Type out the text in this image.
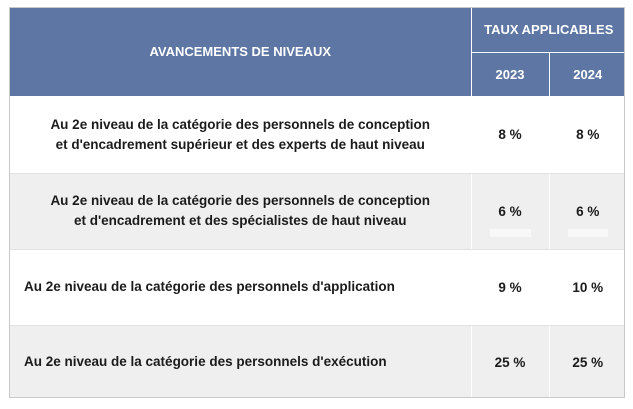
AVANCEMENTS DE NIVEAUX	TAUX APPLICABLES	
	2023	2024
Au 2e niveau de la catégorie des personnels de conception
et d'encadrement supérieur et des experts de haut niveau	8 %	8 %
Au 2e niveau de la catégorie des personnels de conception
et d'encadrement et des spécialistes de haut niveau	6 %	6 %
Au 2e niveau de la catégorie des personnels d'application	9 %	10 %
Au 2e niveau de la catégorie des personnels d'exécution	25 %	25 %
